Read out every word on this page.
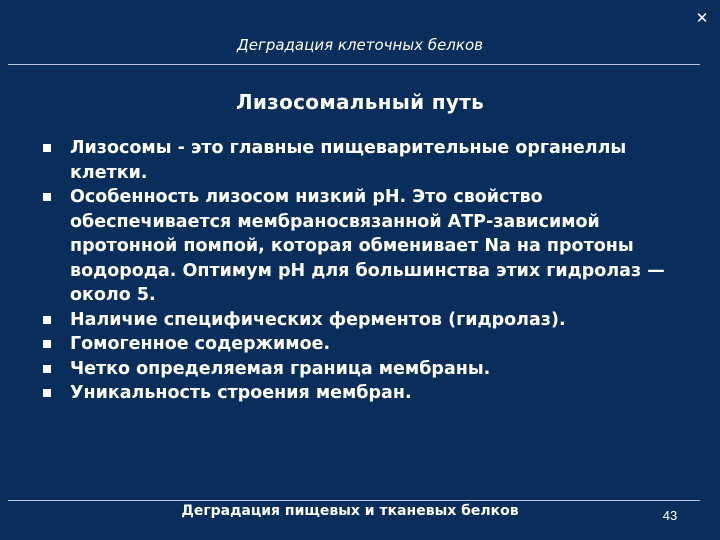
✕
Деградация клеточных белков
Лизосомальный путь
Лизосомы - это главные пищеварительные органеллы клетки.
Особенность лизосом низкий рН. Это свойство обеспечивается мембраносвязанной АТР-зависимой протонной помпой, которая обменивает Na на протоны водорода. Оптимум рН для большинства этих гидролаз — около 5.
Наличие специфических ферментов (гидролаз).
Гомогенное содержимое.
Четко определяемая граница мембраны.
Уникальность строения мембран.
Деградация пищевых и тканевых белков	43
